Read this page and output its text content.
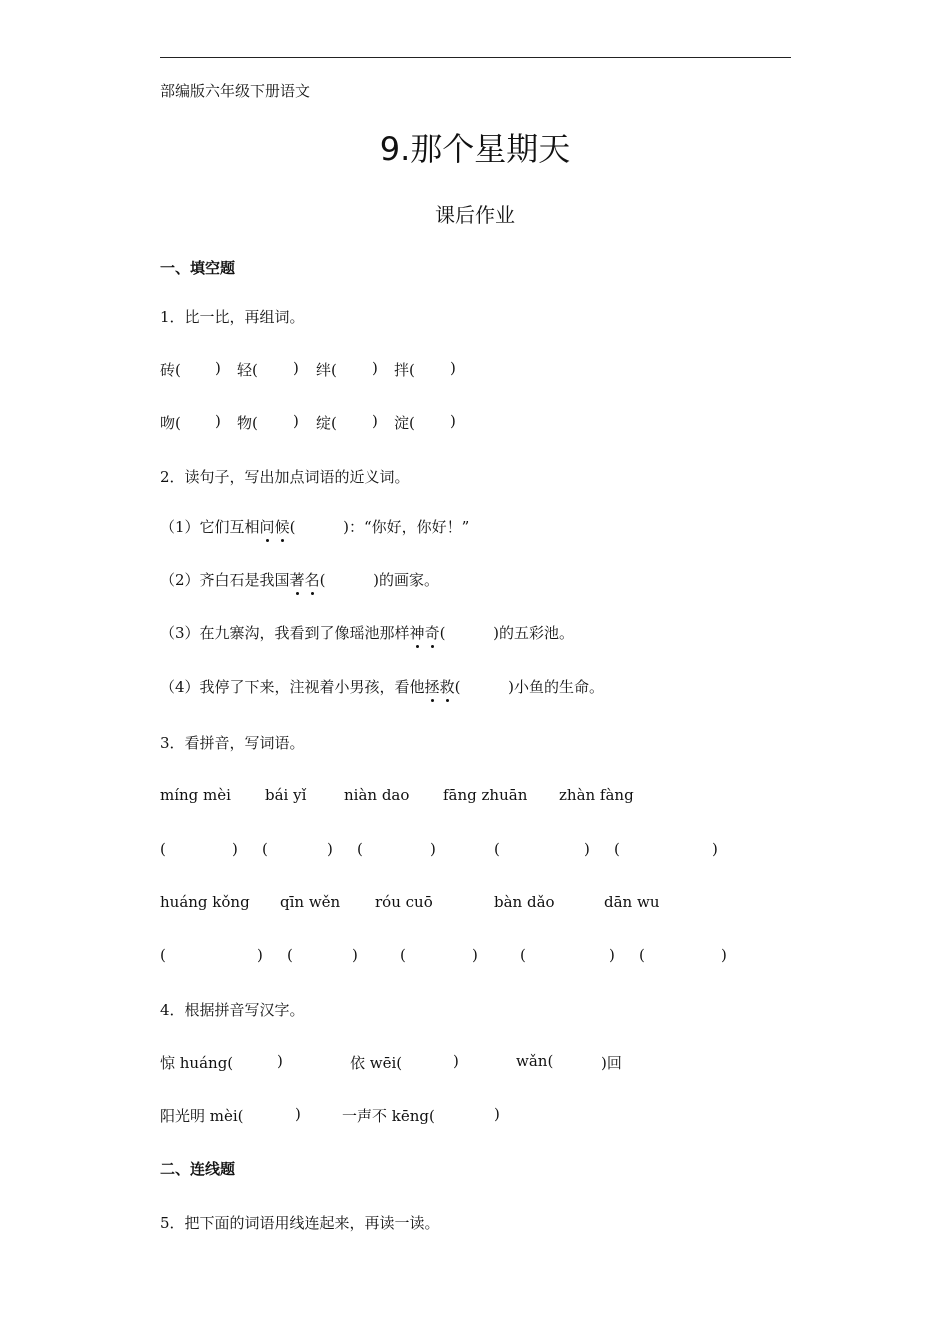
部编版六年级下册语文
9.那个星期天
课后作业
一、填空题
1．比一比，再组词。
砖( ) 轻( ) 绊( ) 拌( )
吻( ) 物( ) 绽( ) 淀( )
2．读句子，写出加点词语的近义词。
（1）它们互相问候(          )：“你好，你好！”
（2）齐白石是我国著名(          )的画家。
（3）在九寨沟，我看到了像瑶池那样神奇(          )的五彩池。
（4）我停了下来，注视着小男孩，看他拯救(          )小鱼的生命。
3．看拼音，写词语。
míng mèi bái yǐ	niàn dao fāng zhuān zhàn fàng
(	) (	) (	)	(	) (	)
huáng kǒng qīn wěn róu cuō	bàn dǎo	dān wu
(	) (	)	(	)	(	) (	)
4．根据拼音写汉字。
惊 huáng(	)	依 wēi(	)	wǎn(	)回
阳光明 mèi(	)	一声不 kēng(	)
二、连线题
5．把下面的词语用线连起来，再读一读。
